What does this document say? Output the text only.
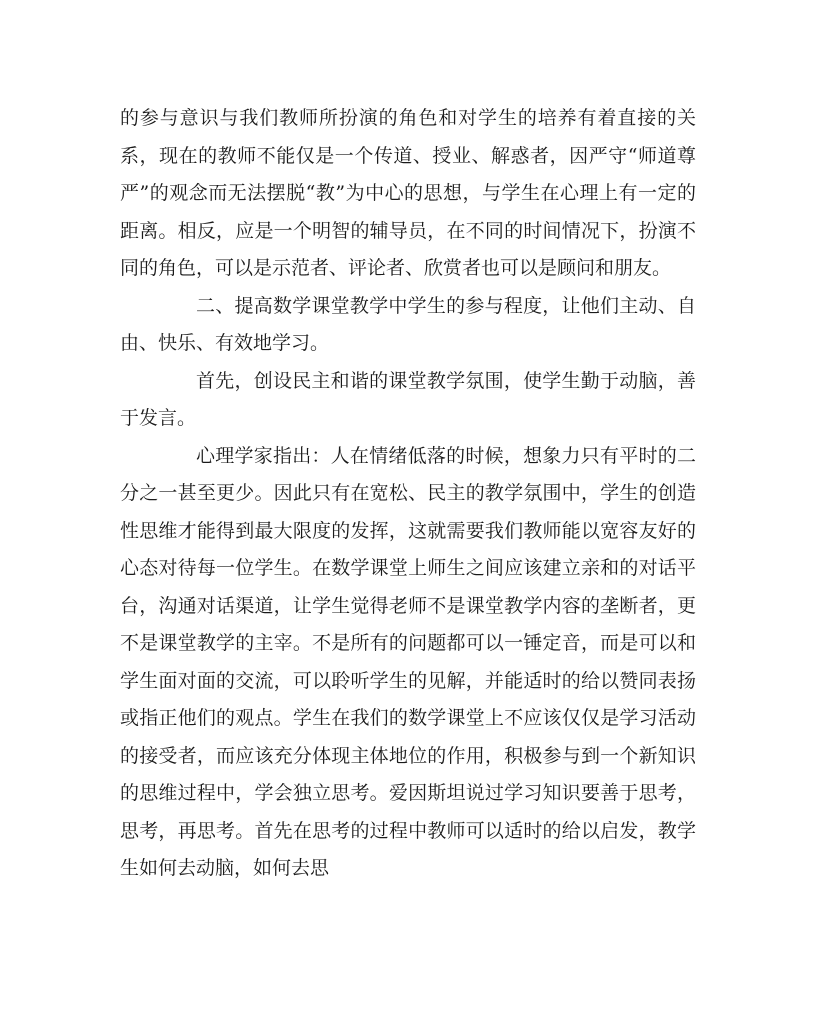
的参与意识与我们教师所扮演的角色和对学生的培养有着直接的关系，现在的教师不能仅是一个传道、授业、解惑者，因严守“师道尊严”的观念而无法摆脱“教”为中心的思想，与学生在心理上有一定的距离。相反，应是一个明智的辅导员，在不同的时间情况下，扮演不同的角色，可以是示范者、评论者、欣赏者也可以是顾问和朋友。

二、提高数学课堂教学中学生的参与程度，让他们主动、自由、快乐、有效地学习。

首先，创设民主和谐的课堂教学氛围，使学生勤于动脑，善于发言。

心理学家指出：人在情绪低落的时候，想象力只有平时的二分之一甚至更少。因此只有在宽松、民主的教学氛围中，学生的创造性思维才能得到最大限度的发挥，这就需要我们教师能以宽容友好的心态对待每一位学生。在数学课堂上师生之间应该建立亲和的对话平台，沟通对话渠道，让学生觉得老师不是课堂教学内容的垄断者，更不是课堂教学的主宰。不是所有的问题都可以一锤定音，而是可以和学生面对面的交流，可以聆听学生的见解，并能适时的给以赞同表扬或指正他们的观点。学生在我们的数学课堂上不应该仅仅是学习活动的接受者，而应该充分体现主体地位的作用，积极参与到一个新知识的思维过程中，学会独立思考。爱因斯坦说过学习知识要善于思考，思考，再思考。首先在思考的过程中教师可以适时的给以启发，教学生如何去动脑，如何去思
